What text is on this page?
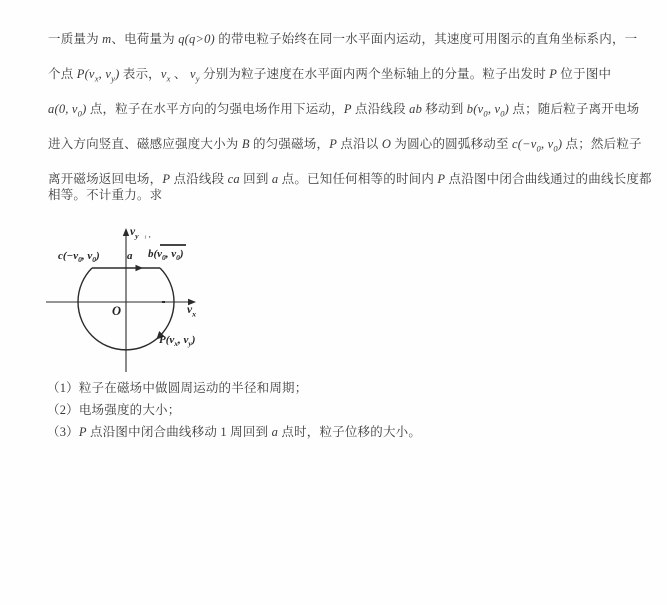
一质量为 m、电荷量为 q(q>0) 的带电粒子始终在同一水平面内运动，其速度可用图示的直角坐标系内，一
个点 $P(v_x$, $v_y$) 表示，$v_x$ 、 $v_y$ 分别为粒子速度在水平面内两个坐标轴上的分量。粒子出发时 P 位于图中
a(0, $v_0$) 点，粒子在水平方向的匀强电场作用下运动，P 点沿线段 ab 移动到 $b(v_0$, $v_0$) 点；随后粒子离开电场
进入方向竖直、磁感应强度大小为 B 的匀强磁场，P 点沿以 O 为圆心的圆弧移动至 $c(-v_0$, $v_0$) 点；然后粒子
离开磁场返回电场，P 点沿线段 ca 回到 a 点。已知任何相等的时间内 P 点沿图中闭合曲线通过的曲线长度都
相等。不计重力。求
$v_y$ ₁ ,
a $b(v_0$, $v_0$)
$c(-v_0$, $v_0$)
O	$v_x$
$P(v_x$, $v_y$)
（1）粒子在磁场中做圆周运动的半径和周期；
（2）电场强度的大小；
（3）P 点沿图中闭合曲线移动 1 周回到 a 点时，粒子位移的大小。
